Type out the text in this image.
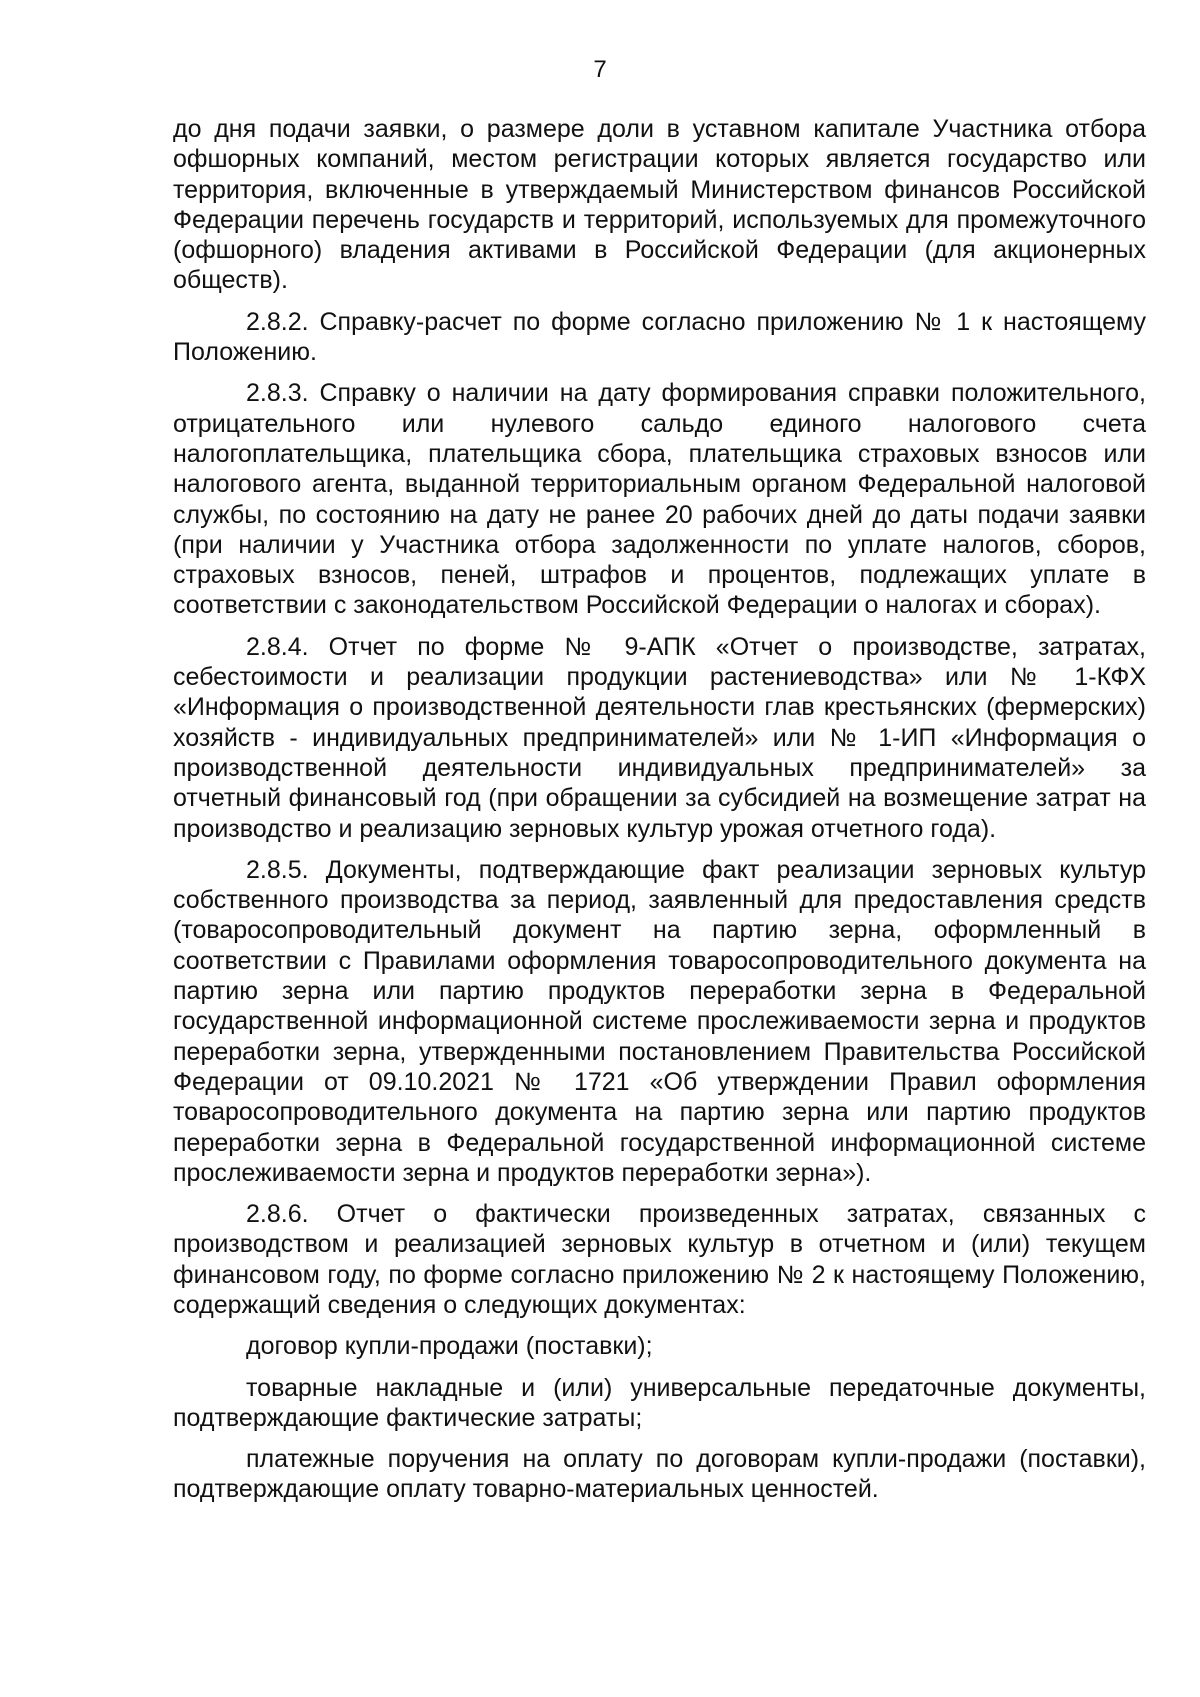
7

до дня подачи заявки, о размере доли в уставном капитале Участника отбора офшорных компаний, местом регистрации которых является государство или территория, включенные в утверждаемый Министерством финансов Российской Федерации перечень государств и территорий, используемых для промежуточного (офшорного) владения активами в Российской Федерации (для акционерных обществ).

2.8.2. Справку-расчет по форме согласно приложению № 1 к настоящему Положению.

2.8.3. Справку о наличии на дату формирования справки положительного, отрицательного или нулевого сальдо единого налогового счета налогоплательщика, плательщика сбора, плательщика страховых взносов или налогового агента, выданной территориальным органом Федеральной налоговой службы, по состоянию на дату не ранее 20 рабочих дней до даты подачи заявки (при наличии у Участника отбора задолженности по уплате налогов, сборов, страховых взносов, пеней, штрафов и процентов, подлежащих уплате в соответствии с законодательством Российской Федерации о налогах и сборах).

2.8.4. Отчет по форме № 9-АПК «Отчет о производстве, затратах, себестоимости и реализации продукции растениеводства» или № 1-КФХ «Информация о производственной деятельности глав крестьянских (фермерских) хозяйств - индивидуальных предпринимателей» или № 1-ИП «Информация о производственной деятельности индивидуальных предпринимателей» за отчетный финансовый год (при обращении за субсидией на возмещение затрат на производство и реализацию зерновых культур урожая отчетного года).

2.8.5. Документы, подтверждающие факт реализации зерновых культур собственного производства за период, заявленный для предоставления средств (товаросопроводительный документ на партию зерна, оформленный в соответствии с Правилами оформления товаросопроводительного документа на партию зерна или партию продуктов переработки зерна в Федеральной государственной информационной системе прослеживаемости зерна и продуктов переработки зерна, утвержденными постановлением Правительства Российской Федерации от 09.10.2021 № 1721 «Об утверждении Правил оформления товаросопроводительного документа на партию зерна или партию продуктов переработки зерна в Федеральной государственной информационной системе прослеживаемости зерна и продуктов переработки зерна»).

2.8.6. Отчет о фактически произведенных затратах, связанных с производством и реализацией зерновых культур в отчетном и (или) текущем финансовом году, по форме согласно приложению № 2 к настоящему Положению, содержащий сведения о следующих документах:

договор купли-продажи (поставки);

товарные накладные и (или) универсальные передаточные документы, подтверждающие фактические затраты;

платежные поручения на оплату по договорам купли-продажи (поставки), подтверждающие оплату товарно-материальных ценностей.
